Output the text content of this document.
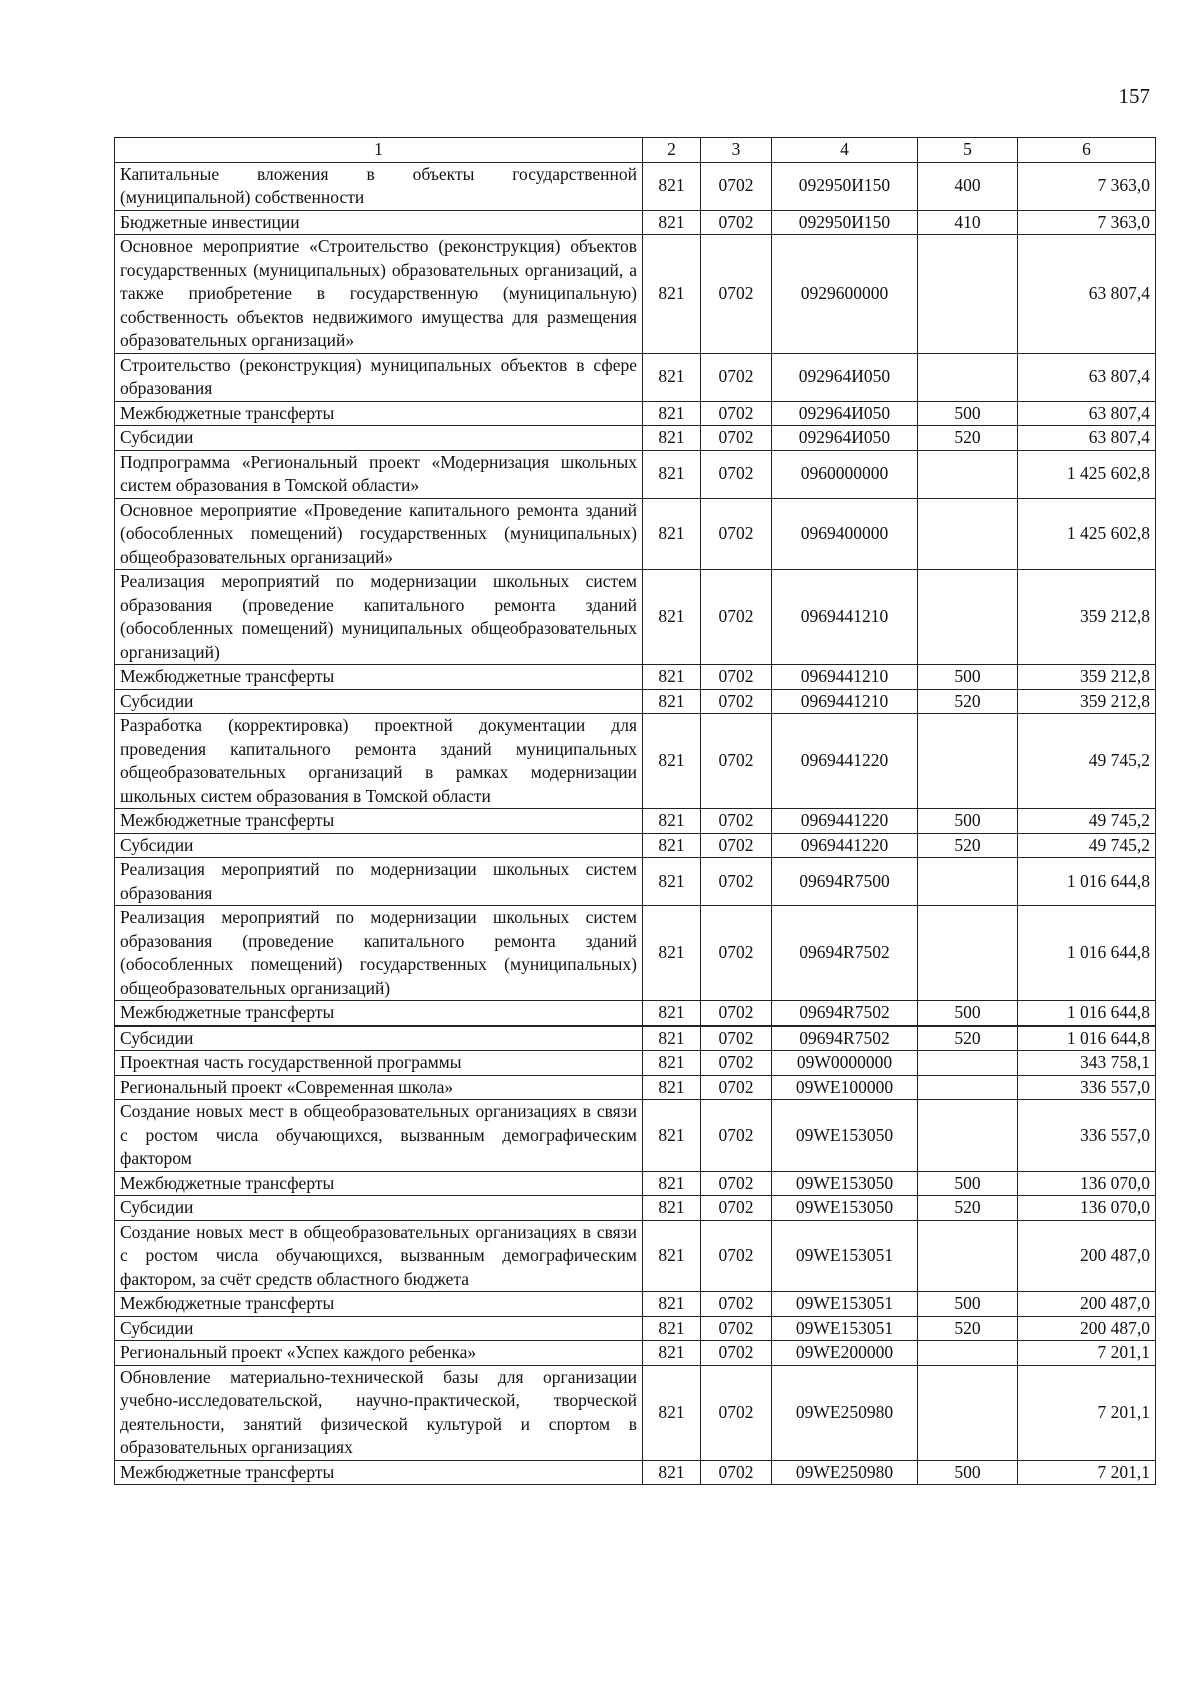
157
1	2	3	4	5	6
Капитальные вложения в объекты государственной (муниципальной) собственности	821	0702	092950И150	400	7 363,0
Бюджетные инвестиции	821	0702	092950И150	410	7 363,0
Основное мероприятие «Строительство (реконструкция) объектов государственных (муниципальных) образовательных организаций, а также приобретение в государственную (муниципальную) собственность объектов недвижимого имущества для размещения образовательных организаций»	821	0702	0929600000		63 807,4
Строительство (реконструкция) муниципальных объектов в сфере образования	821	0702	092964И050		63 807,4
Межбюджетные трансферты	821	0702	092964И050	500	63 807,4
Субсидии	821	0702	092964И050	520	63 807,4
Подпрограмма «Региональный проект «Модернизация школьных систем образования в Томской области»	821	0702	0960000000		1 425 602,8
Основное мероприятие «Проведение капитального ремонта зданий (обособленных помещений) государственных (муниципальных) общеобразовательных организаций»	821	0702	0969400000		1 425 602,8
Реализация мероприятий по модернизации школьных систем образования (проведение капитального ремонта зданий (обособленных помещений) муниципальных общеобразовательных организаций)	821	0702	0969441210		359 212,8
Межбюджетные трансферты	821	0702	0969441210	500	359 212,8
Субсидии	821	0702	0969441210	520	359 212,8
Разработка (корректировка) проектной документации для проведения капитального ремонта зданий муниципальных общеобразовательных организаций в рамках модернизации школьных систем образования в Томской области	821	0702	0969441220		49 745,2
Межбюджетные трансферты	821	0702	0969441220	500	49 745,2
Субсидии	821	0702	0969441220	520	49 745,2
Реализация мероприятий по модернизации школьных систем образования	821	0702	09694R7500		1 016 644,8
Реализация мероприятий по модернизации школьных систем образования (проведение капитального ремонта зданий (обособленных помещений) государственных (муниципальных) общеобразовательных организаций)	821	0702	09694R7502		1 016 644,8
Межбюджетные трансферты	821	0702	09694R7502	500	1 016 644,8
Субсидии	821	0702	09694R7502	520	1 016 644,8
Проектная часть государственной программы	821	0702	09W0000000		343 758,1
Региональный проект «Современная школа»	821	0702	09WE100000		336 557,0
Создание новых мест в общеобразовательных организациях в связи с ростом числа обучающихся, вызванным демографическим фактором	821	0702	09WE153050		336 557,0
Межбюджетные трансферты	821	0702	09WE153050	500	136 070,0
Субсидии	821	0702	09WE153050	520	136 070,0
Создание новых мест в общеобразовательных организациях в связи с ростом числа обучающихся, вызванным демографическим фактором, за счёт средств областного бюджета	821	0702	09WE153051		200 487,0
Межбюджетные трансферты	821	0702	09WE153051	500	200 487,0
Субсидии	821	0702	09WE153051	520	200 487,0
Региональный проект «Успех каждого ребенка»	821	0702	09WE200000		7 201,1
Обновление материально-технической базы для организации учебно-исследовательской, научно-практической, творческой деятельности, занятий физической культурой и спортом в образовательных организациях	821	0702	09WE250980		7 201,1
Межбюджетные трансферты	821	0702	09WE250980	500	7 201,1
